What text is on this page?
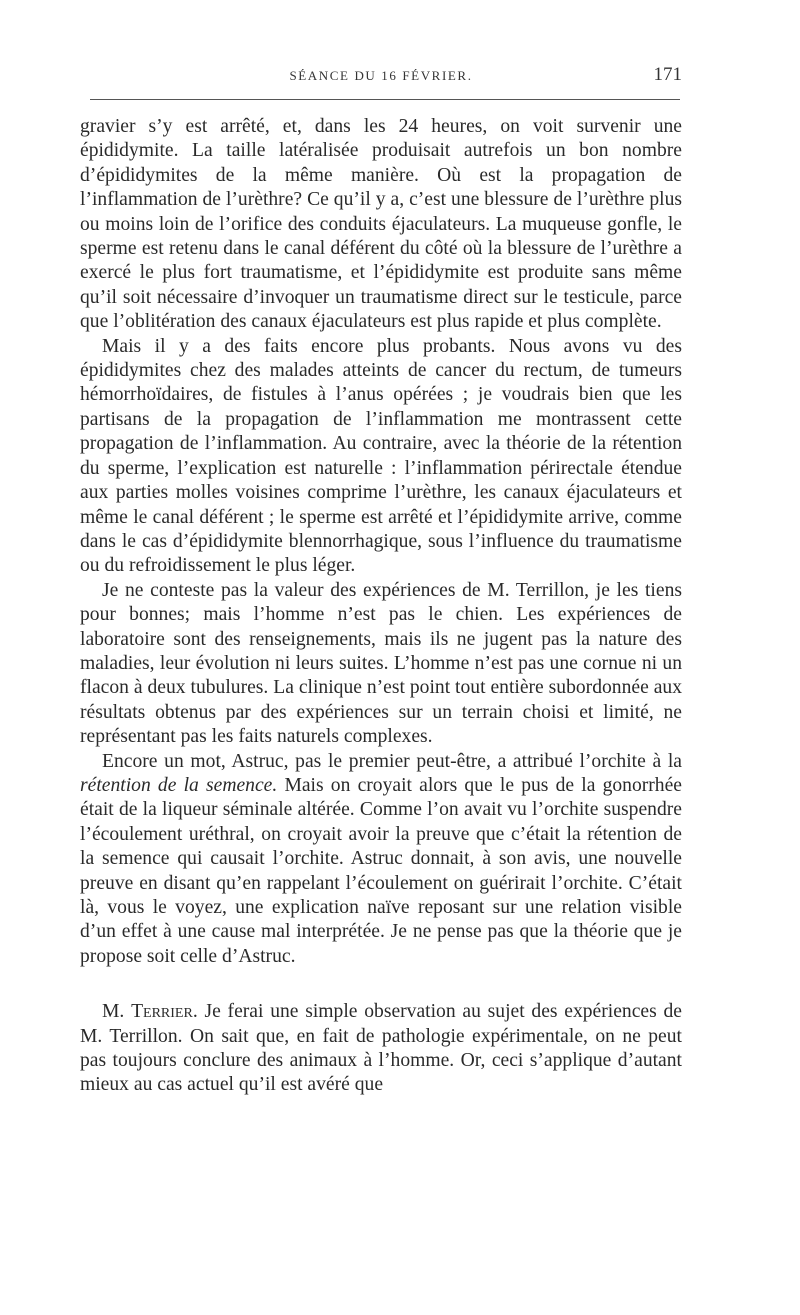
SÉANCE DU 16 FÉVRIER.	171

gravier s’y est arrêté, et, dans les 24 heures, on voit survenir une épididymite. La taille latéralisée produisait autrefois un bon nombre d’épididymites de la même manière. Où est la propagation de l’inflammation de l’urèthre? Ce qu’il y a, c’est une blessure de l’urèthre plus ou moins loin de l’orifice des conduits éjaculateurs. La muqueuse gonfle, le sperme est retenu dans le canal déférent du côté où la blessure de l’urèthre a exercé le plus fort traumatisme, et l’épididymite est produite sans même qu’il soit nécessaire d’invoquer un traumatisme direct sur le testicule, parce que l’oblitération des canaux éjaculateurs est plus rapide et plus complète.

Mais il y a des faits encore plus probants. Nous avons vu des épididymites chez des malades atteints de cancer du rectum, de tumeurs hémorrhoïdaires, de fistules à l’anus opérées ; je voudrais bien que les partisans de la propagation de l’inflammation me montrassent cette propagation de l’inflammation. Au contraire, avec la théorie de la rétention du sperme, l’explication est naturelle : l’inflammation périrectale étendue aux parties molles voisines comprime l’urèthre, les canaux éjaculateurs et même le canal déférent ; le sperme est arrêté et l’épididymite arrive, comme dans le cas d’épididymite blennorrhagique, sous l’influence du traumatisme ou du refroidissement le plus léger.

Je ne conteste pas la valeur des expériences de M. Terrillon, je les tiens pour bonnes; mais l’homme n’est pas le chien. Les expériences de laboratoire sont des renseignements, mais ils ne jugent pas la nature des maladies, leur évolution ni leurs suites. L’homme n’est pas une cornue ni un flacon à deux tubulures. La clinique n’est point tout entière subordonnée aux résultats obtenus par des expériences sur un terrain choisi et limité, ne représentant pas les faits naturels complexes.

Encore un mot, Astruc, pas le premier peut-être, a attribué l’orchite à la rétention de la semence. Mais on croyait alors que le pus de la gonorrhée était de la liqueur séminale altérée. Comme l’on avait vu l’orchite suspendre l’écoulement uréthral, on croyait avoir la preuve que c’était la rétention de la semence qui causait l’orchite. Astruc donnait, à son avis, une nouvelle preuve en disant qu’en rappelant l’écoulement on guérirait l’orchite. C’était là, vous le voyez, une explication naïve reposant sur une relation visible d’un effet à une cause mal interprétée. Je ne pense pas que la théorie que je propose soit celle d’Astruc.

M. Terrier. Je ferai une simple observation au sujet des expériences de M. Terrillon. On sait que, en fait de pathologie expérimentale, on ne peut pas toujours conclure des animaux à l’homme. Or, ceci s’applique d’autant mieux au cas actuel qu’il est avéré que
